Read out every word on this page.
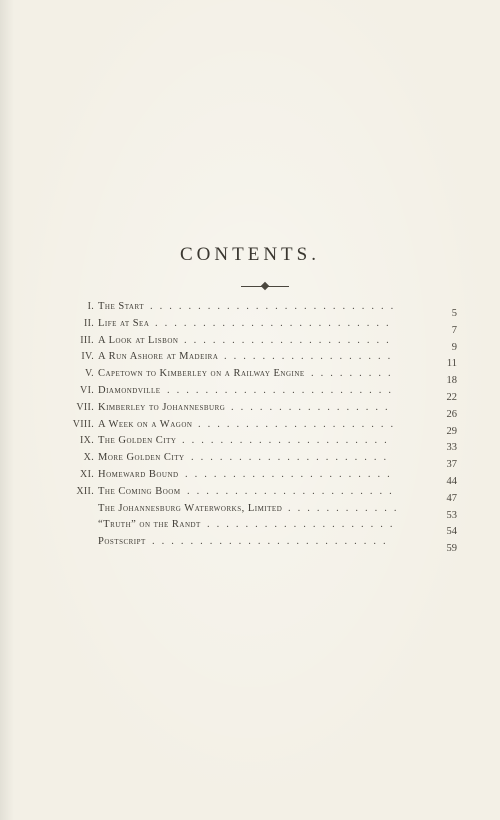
CONTENTS.
I. The Start ..........................
5
II. Life at Sea .........................
7
III. A Look at Lisbon ......................
9
IV. A Run Ashore at Madeira ..................
11
V. Capetown to Kimberley on a Railway Engine .........
18
VI. Diamondville ........................
22
VII. Kimberley to Johannesburg .................
26
VIII. A Week on a Wagon .....................
29
IX. The Golden City ......................
33
X. More Golden City .....................
37
XI. Homeward Bound ......................
44
XII. The Coming Boom ......................
47
The Johannesburg Waterworks, Limited ............
53
“Truth” on the Randt ....................
54
Postscript .........................
59
